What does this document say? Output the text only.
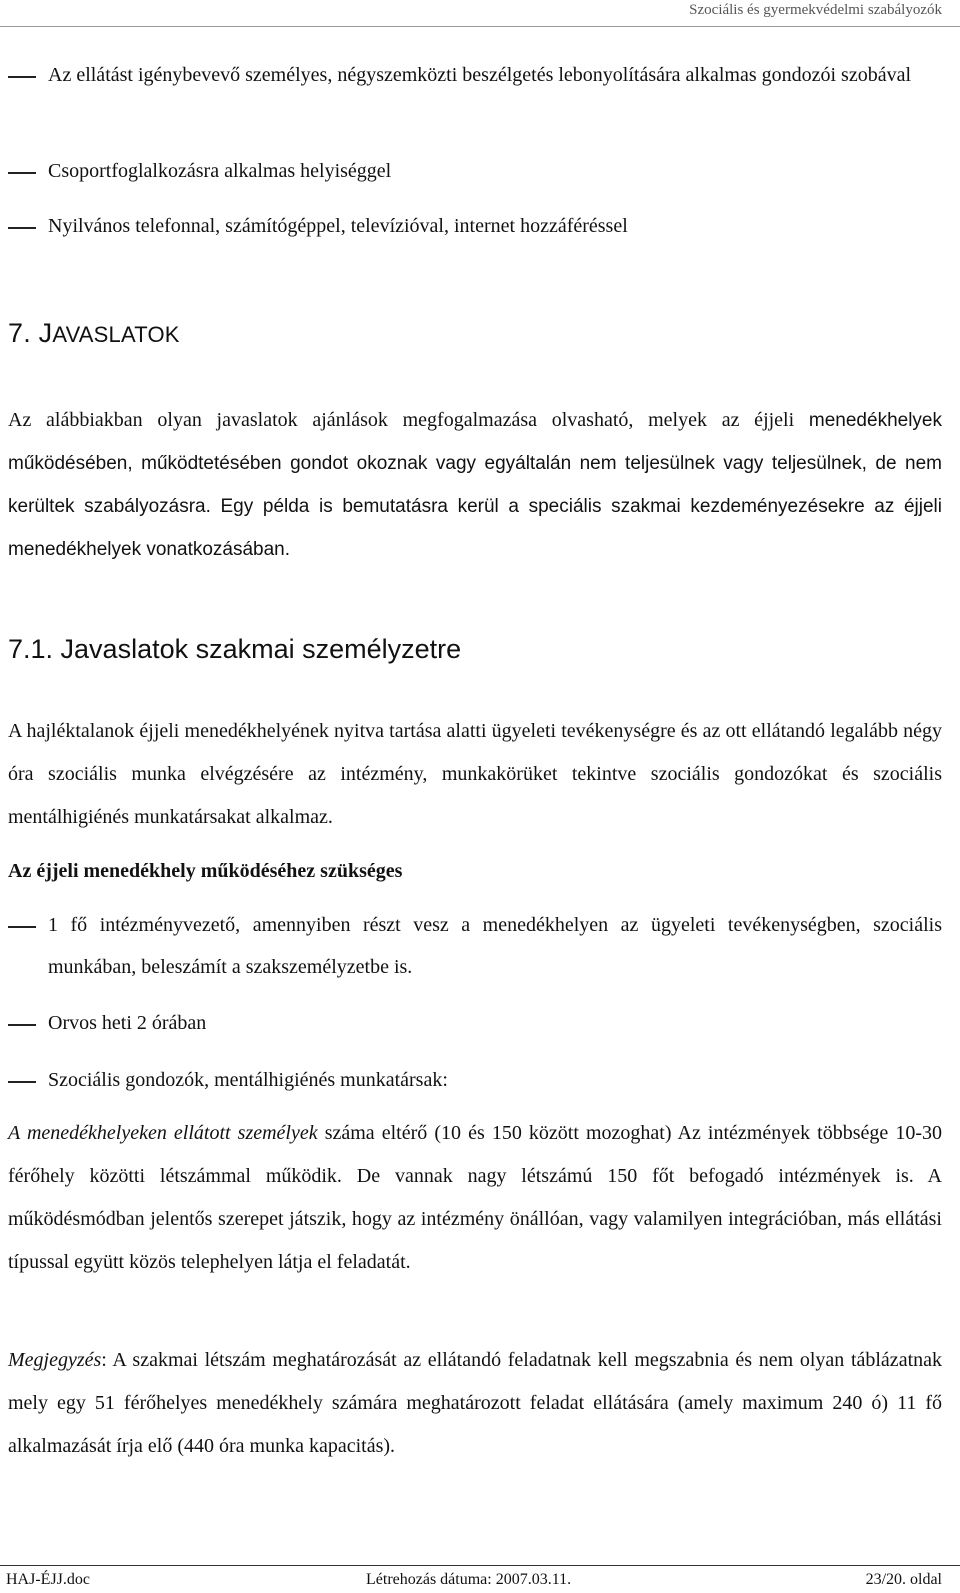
Szociális és gyermekvédelmi szabályozók
Az ellátást igénybevevő személyes, négyszemközti beszélgetés lebonyolítására alkalmas gondozói szobával
Csoportfoglalkozásra alkalmas helyiséggel
Nyilvános telefonnal, számítógéppel, televízióval, internet hozzáféréssel
7. JAVASLATOK
Az alábbiakban olyan javaslatok ajánlások megfogalmazása olvasható, melyek az éjjeli menedékhelyek működésében, működtetésében gondot okoznak vagy egyáltalán nem teljesülnek vagy teljesülnek, de nem kerültek szabályozásra. Egy példa is bemutatásra kerül a speciális szakmai kezdeményezésekre az éjjeli menedékhelyek vonatkozásában.
7.1. Javaslatok szakmai személyzetre
A hajléktalanok éjjeli menedékhelyének nyitva tartása alatti ügyeleti tevékenységre és az ott ellátandó legalább négy óra szociális munka elvégzésére az intézmény, munkakörüket tekintve szociális gondozókat és szociális mentálhigiénés munkatársakat alkalmaz.
Az éjjeli menedékhely működéséhez szükséges
1 fő intézményvezető, amennyiben részt vesz a menedékhelyen az ügyeleti tevékenységben, szociális munkában, beleszámít a szakszemélyzetbe is.
Orvos heti 2 órában
Szociális gondozók, mentálhigiénés munkatársak:
A menedékhelyeken ellátott személyek száma eltérő (10 és 150 között mozoghat) Az intézmények többsége 10-30 férőhely közötti létszámmal működik. De vannak nagy létszámú 150 főt befogadó intézmények is. A működésmódban jelentős szerepet játszik, hogy az intézmény önállóan, vagy valamilyen integrációban, más ellátási típussal együtt közös telephelyen látja el feladatát.
Megjegyzés: A szakmai létszám meghatározását az ellátandó feladatnak kell megszabnia és nem olyan táblázatnak mely egy 51 férőhelyes menedékhely számára meghatározott feladat ellátására (amely maximum 240 ó) 11 fő alkalmazását írja elő (440 óra munka kapacitás).
HAJ-ÉJJ.doc	Létrehozás dátuma: 2007.03.11.	23/20. oldal
